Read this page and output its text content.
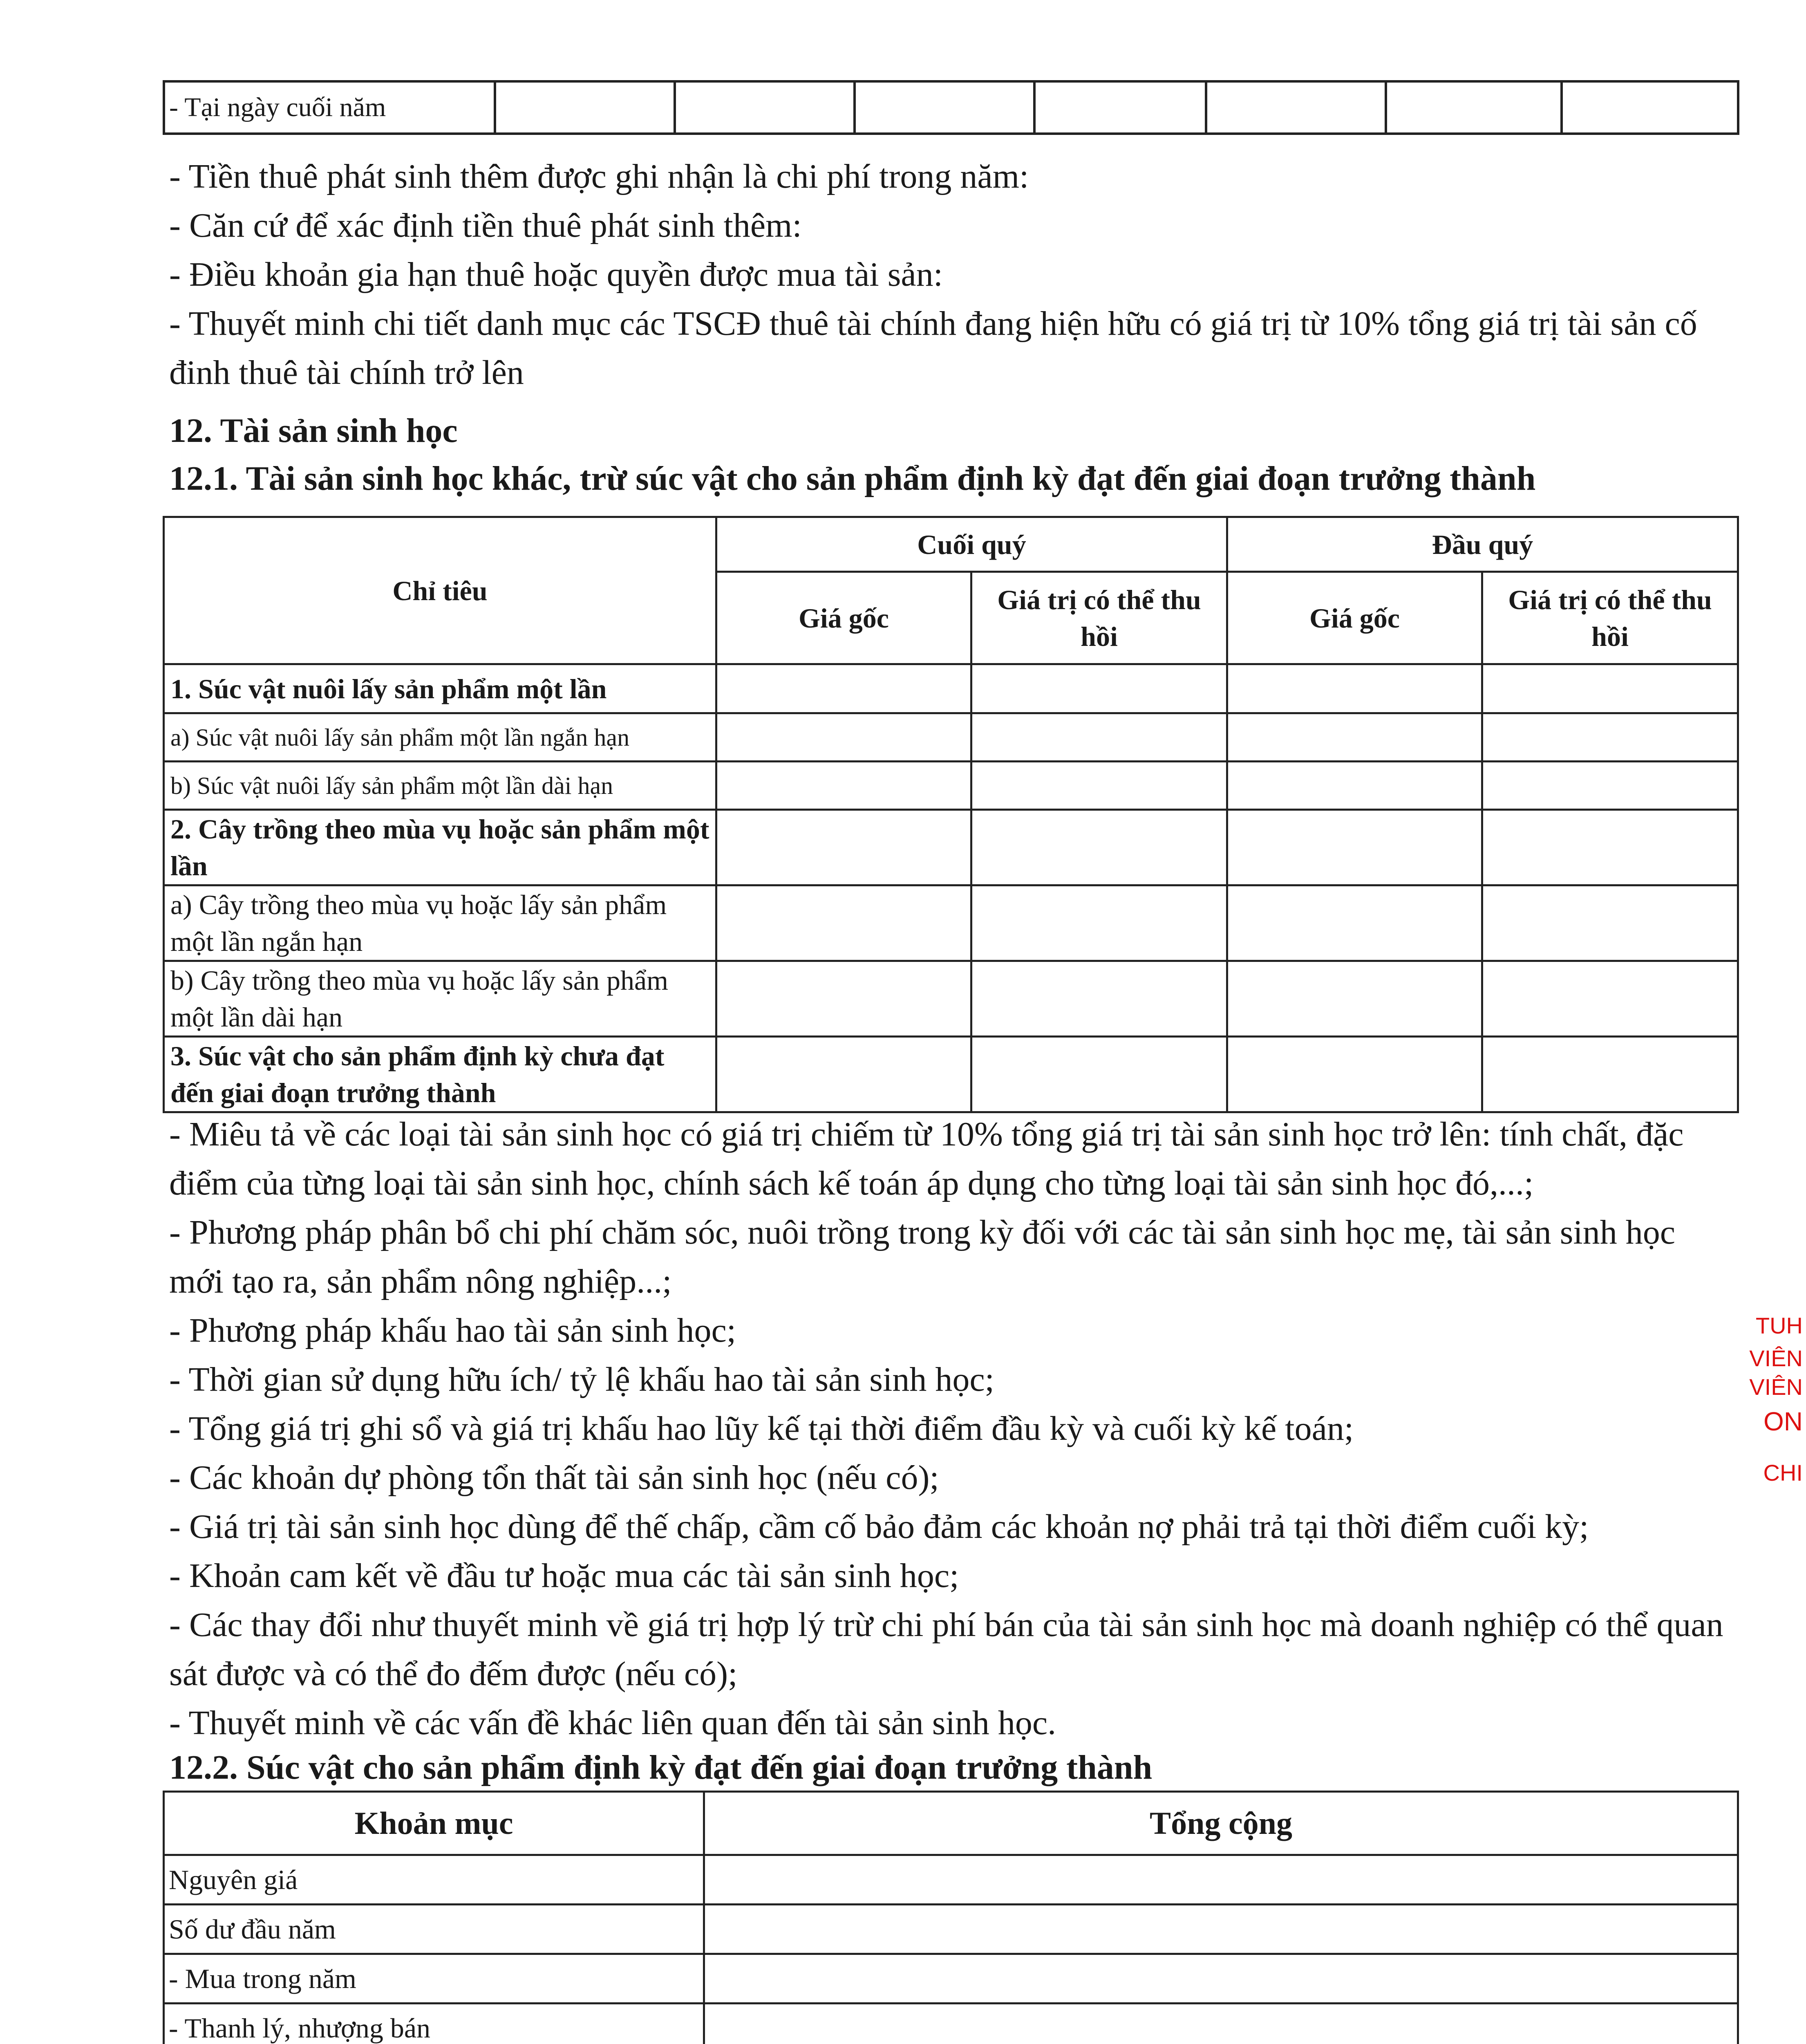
- Tại ngày cuối năm							

- Tiền thuê phát sinh thêm được ghi nhận là chi phí trong năm:

- Căn cứ để xác định tiền thuê phát sinh thêm:

- Điều khoản gia hạn thuê hoặc quyền được mua tài sản:

- Thuyết minh chi tiết danh mục các TSCĐ thuê tài chính đang hiện hữu có giá trị từ 10% tổng giá trị tài sản cố đinh thuê tài chính trở lên

12. Tài sản sinh học
12.1. Tài sản sinh học khác, trừ súc vật cho sản phẩm định kỳ đạt đến giai đoạn trưởng thành
Chỉ tiêu	Cuối quý		Đầu quý	
	Giá gốc	Giá trị có thể thu hồi	Giá gốc	Giá trị có thể thu hồi
1. Súc vật nuôi lấy sản phẩm một lần				
a) Súc vật nuôi lấy sản phẩm một lần ngắn hạn				
b) Súc vật nuôi lấy sản phẩm một lần dài hạn				
2. Cây trồng theo mùa vụ hoặc sản phẩm một lần				
a) Cây trồng theo mùa vụ hoặc lấy sản phẩm một lần ngắn hạn				
b) Cây trồng theo mùa vụ hoặc lấy sản phẩm một lần dài hạn				
3. Súc vật cho sản phẩm định kỳ chưa đạt đến giai đoạn trưởng thành				

- Miêu tả về các loại tài sản sinh học có giá trị chiếm từ 10% tổng giá trị tài sản sinh học trở lên: tính chất, đặc điểm của từng loại tài sản sinh học, chính sách kế toán áp dụng cho từng loại tài sản sinh học đó,...;

- Phương pháp phân bổ chi phí chăm sóc, nuôi trồng trong kỳ đối với các tài sản sinh học mẹ, tài sản sinh học mới tạo ra, sản phẩm nông nghiệp...;

- Phương pháp khấu hao tài sản sinh học;

- Thời gian sử dụng hữu ích/ tỷ lệ khấu hao tài sản sinh học;

- Tổng giá trị ghi sổ và giá trị khấu hao lũy kế tại thời điểm đầu kỳ và cuối kỳ kế toán;

- Các khoản dự phòng tổn thất tài sản sinh học (nếu có);

- Giá trị tài sản sinh học dùng để thế chấp, cầm cố bảo đảm các khoản nợ phải trả tại thời điểm cuối kỳ;

- Khoản cam kết về đầu tư hoặc mua các tài sản sinh học;

- Các thay đổi như thuyết minh về giá trị hợp lý trừ chi phí bán của tài sản sinh học mà doanh nghiệp có thể quan sát được và có thể đo đếm được (nếu có);

- Thuyết minh về các vấn đề khác liên quan đến tài sản sinh học.

12.2. Súc vật cho sản phẩm định kỳ đạt đến giai đoạn trưởng thành
Khoản mục	Tổng cộng
Nguyên giá	
Số dư đầu năm	
- Mua trong năm	
- Thanh lý, nhượng bán	

TUH
VIÊN
VIÊN
ON
CHI
